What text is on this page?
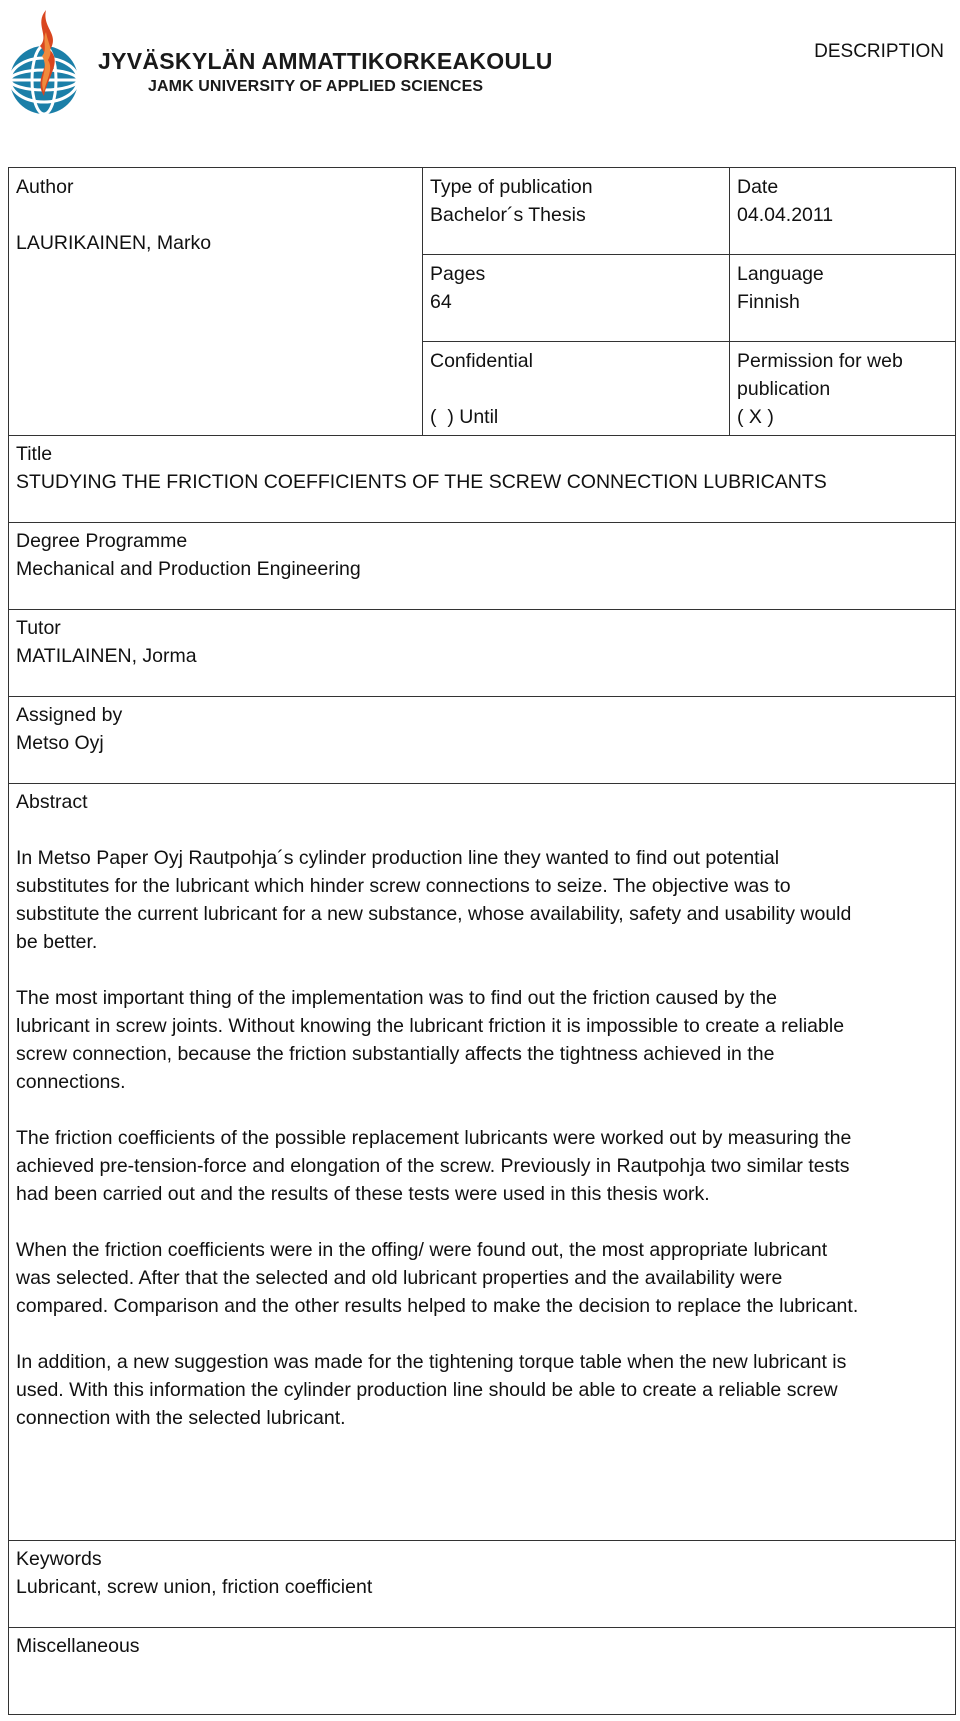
JYVÄSKYLÄN AMMATTIKORKEAKOULU
JAMK UNIVERSITY OF APPLIED SCIENCES
DESCRIPTION
Author
LAURIKAINEN, Marko
Type of publication
Bachelor´s Thesis
Date
04.04.2011
Pages
64
Language
Finnish
Confidential
(  ) Until
Permission for web
publication
( X )
Title
STUDYING THE FRICTION COEFFICIENTS OF THE SCREW CONNECTION LUBRICANTS
Degree Programme
Mechanical and Production Engineering
Tutor
MATILAINEN, Jorma
Assigned by
Metso Oyj
Abstract

In Metso Paper Oyj Rautpohja´s cylinder production line they wanted to find out potential
substitutes for the lubricant which hinder screw connections to seize. The objective was to
substitute the current lubricant for a new substance, whose availability, safety and usability would
be better.

The most important thing of the implementation was to find out the friction caused by the
lubricant in screw joints. Without knowing the lubricant friction it is impossible to create a reliable
screw connection, because the friction substantially affects the tightness achieved in the
connections.

The friction coefficients of the possible replacement lubricants were worked out by measuring the
achieved pre-tension-force and elongation of the screw. Previously in Rautpohja two similar tests
had been carried out and the results of these tests were used in this thesis work.

When the friction coefficients were in the offing/ were found out, the most appropriate lubricant
was selected. After that the selected and old lubricant properties and the availability were
compared. Comparison and the other results helped to make the decision to replace the lubricant.

In addition, a new suggestion was made for the tightening torque table when the new lubricant is
used. With this information the cylinder production line should be able to create a reliable screw
connection with the selected lubricant.

Keywords
Lubricant, screw union, friction coefficient
Miscellaneous
